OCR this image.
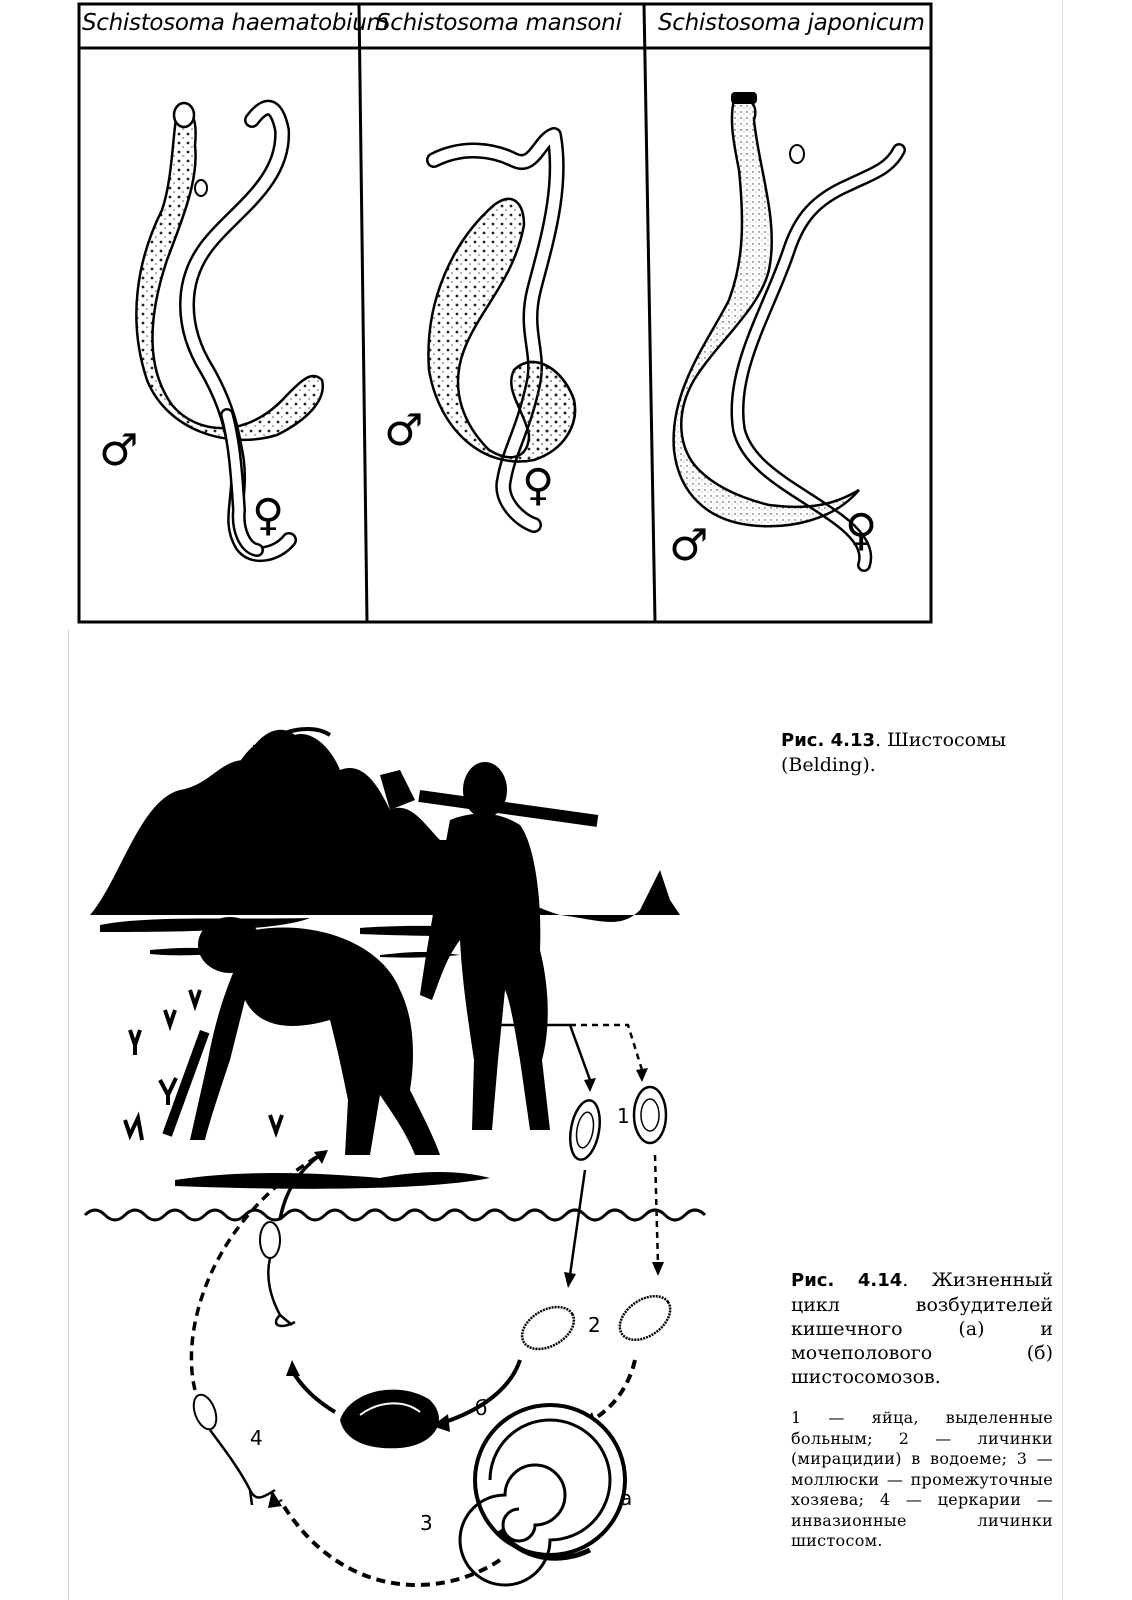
Schistosoma haematobium
Schistosoma mansoni Schistosoma japonicum
♂
♀
♂
♀
♂	♀
Рис. 4.13. Шистосомы (Belding).
1
2
3
4
а
б
Рис. 4.14. Жизненный цикл возбудителей кишечного (а) и мочеполового (б) шистосомозов.
1 — яйца, выделенные больным; 2 — личинки (мирацидии) в водоеме; 3 — моллюски — промежуточные хозяева; 4 — церкарии — инвазионные личинки шистосом.
